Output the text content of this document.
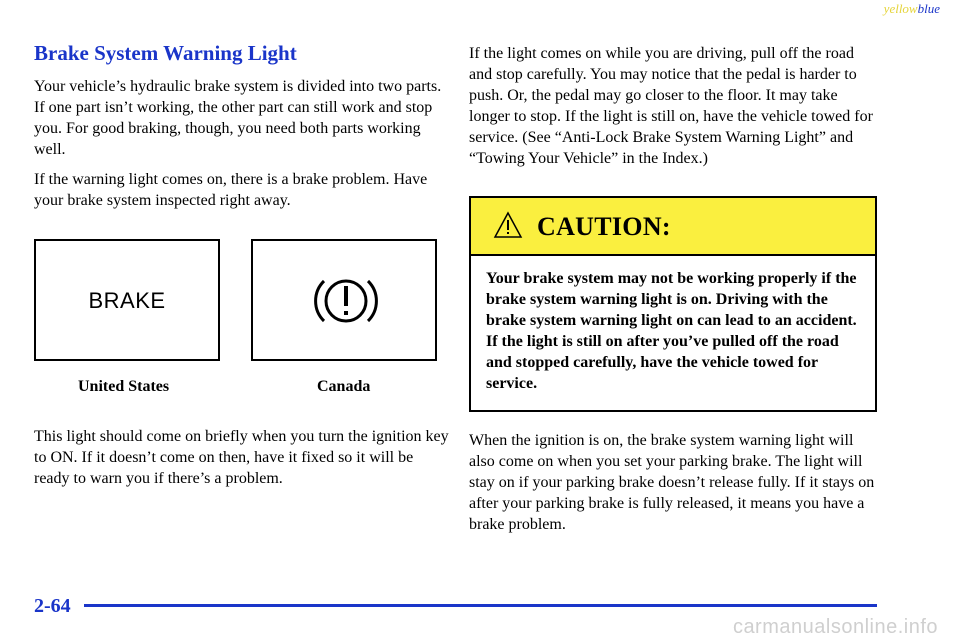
yellowblue
Brake System Warning Light

Your vehicle’s hydraulic brake system is divided into two parts. If one part isn’t working, the other part can still work and stop you. For good braking, though, you need both parts working well.

If the warning light comes on, there is a brake problem. Have your brake system inspected right away.

BRAKE
United States	Canada

This light should come on briefly when you turn the ignition key to ON. If it doesn’t come on then, have it fixed so it will be ready to warn you if there’s a problem.

If the light comes on while you are driving, pull off the road and stop carefully. You may notice that the pedal is harder to push. Or, the pedal may go closer to the floor. It may take longer to stop. If the light is still on, have the vehicle towed for service. (See “Anti-Lock Brake System Warning Light” and “Towing Your Vehicle” in the Index.)

CAUTION:
Your brake system may not be working properly if the brake system warning light is on. Driving with the brake system warning light on can lead to an accident. If the light is still on after you’ve pulled off the road and stopped carefully, have the vehicle towed for service.

When the ignition is on, the brake system warning light will also come on when you set your parking brake. The light will stay on if your parking brake doesn’t release fully. If it stays on after your parking brake is fully released, it means you have a brake problem.

2-64
carmanualsonline.info
